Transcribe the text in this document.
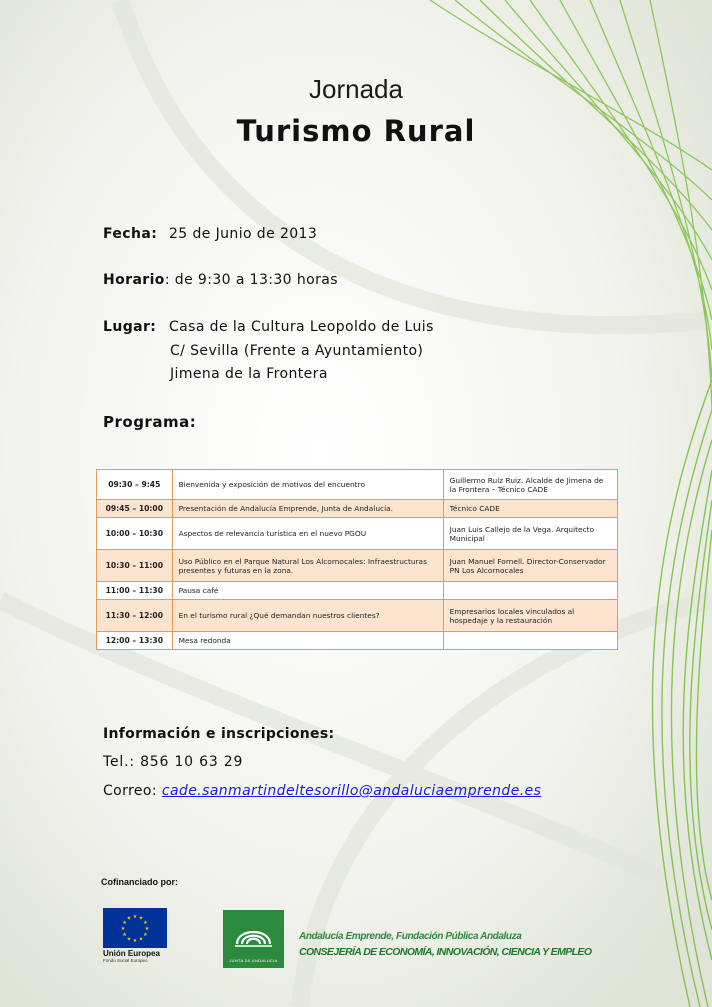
Jornada
Turismo Rural
Fecha: 25 de Junio de 2013
Horario: de 9:30 a 13:30 horas
Lugar: Casa de la Cultura Leopoldo de Luis
C/ Sevilla (Frente a Ayuntamiento)
Jimena de la Frontera
Programa:
09:30 – 9:45	Bienvenida y exposición de motivos del encuentro	Guillermo Ruiz Ruiz. Alcalde de Jimena de la Frontera – Técnico CADE
09:45 – 10:00	Presentación de Andalucía Emprende, Junta de Andalucía.	Técnico CADE
10:00 – 10:30	Aspectos de relevancia turística en el nuevo PGOU	Juan Luis Callejo de la Vega. Arquitecto Municipal
10:30 – 11:00	Uso Público en el Parque Natural Los Alcornocales: Infraestructuras presentes y futuras en la zona.	Juan Manuel Fornell. Director-Conservador PN Los Alcornocales
11:00 – 11:30	Pausa café	
11:30 – 12:00	En el turismo rural ¿Qué demandan nuestros clientes?	Empresarios locales vinculados al hospedaje y la restauración
12:00 – 13:30	Mesa redonda	
Información e inscripciones:
Tel.: 856 10 63 29
Correo: cade.sanmartindeltesorillo@andaluciaemprende.es
Cofinanciado por:
★ ★
★
★
★
★
★
★
★
★
★
★
Unión Europea
Fondo Social Europeo	JUNTA DE ANDALUCIA
Andalucía Emprende, Fundación Pública Andaluza
CONSEJERÍA DE ECONOMÍA, INNOVACIÓN, CIENCIA Y EMPLEO
